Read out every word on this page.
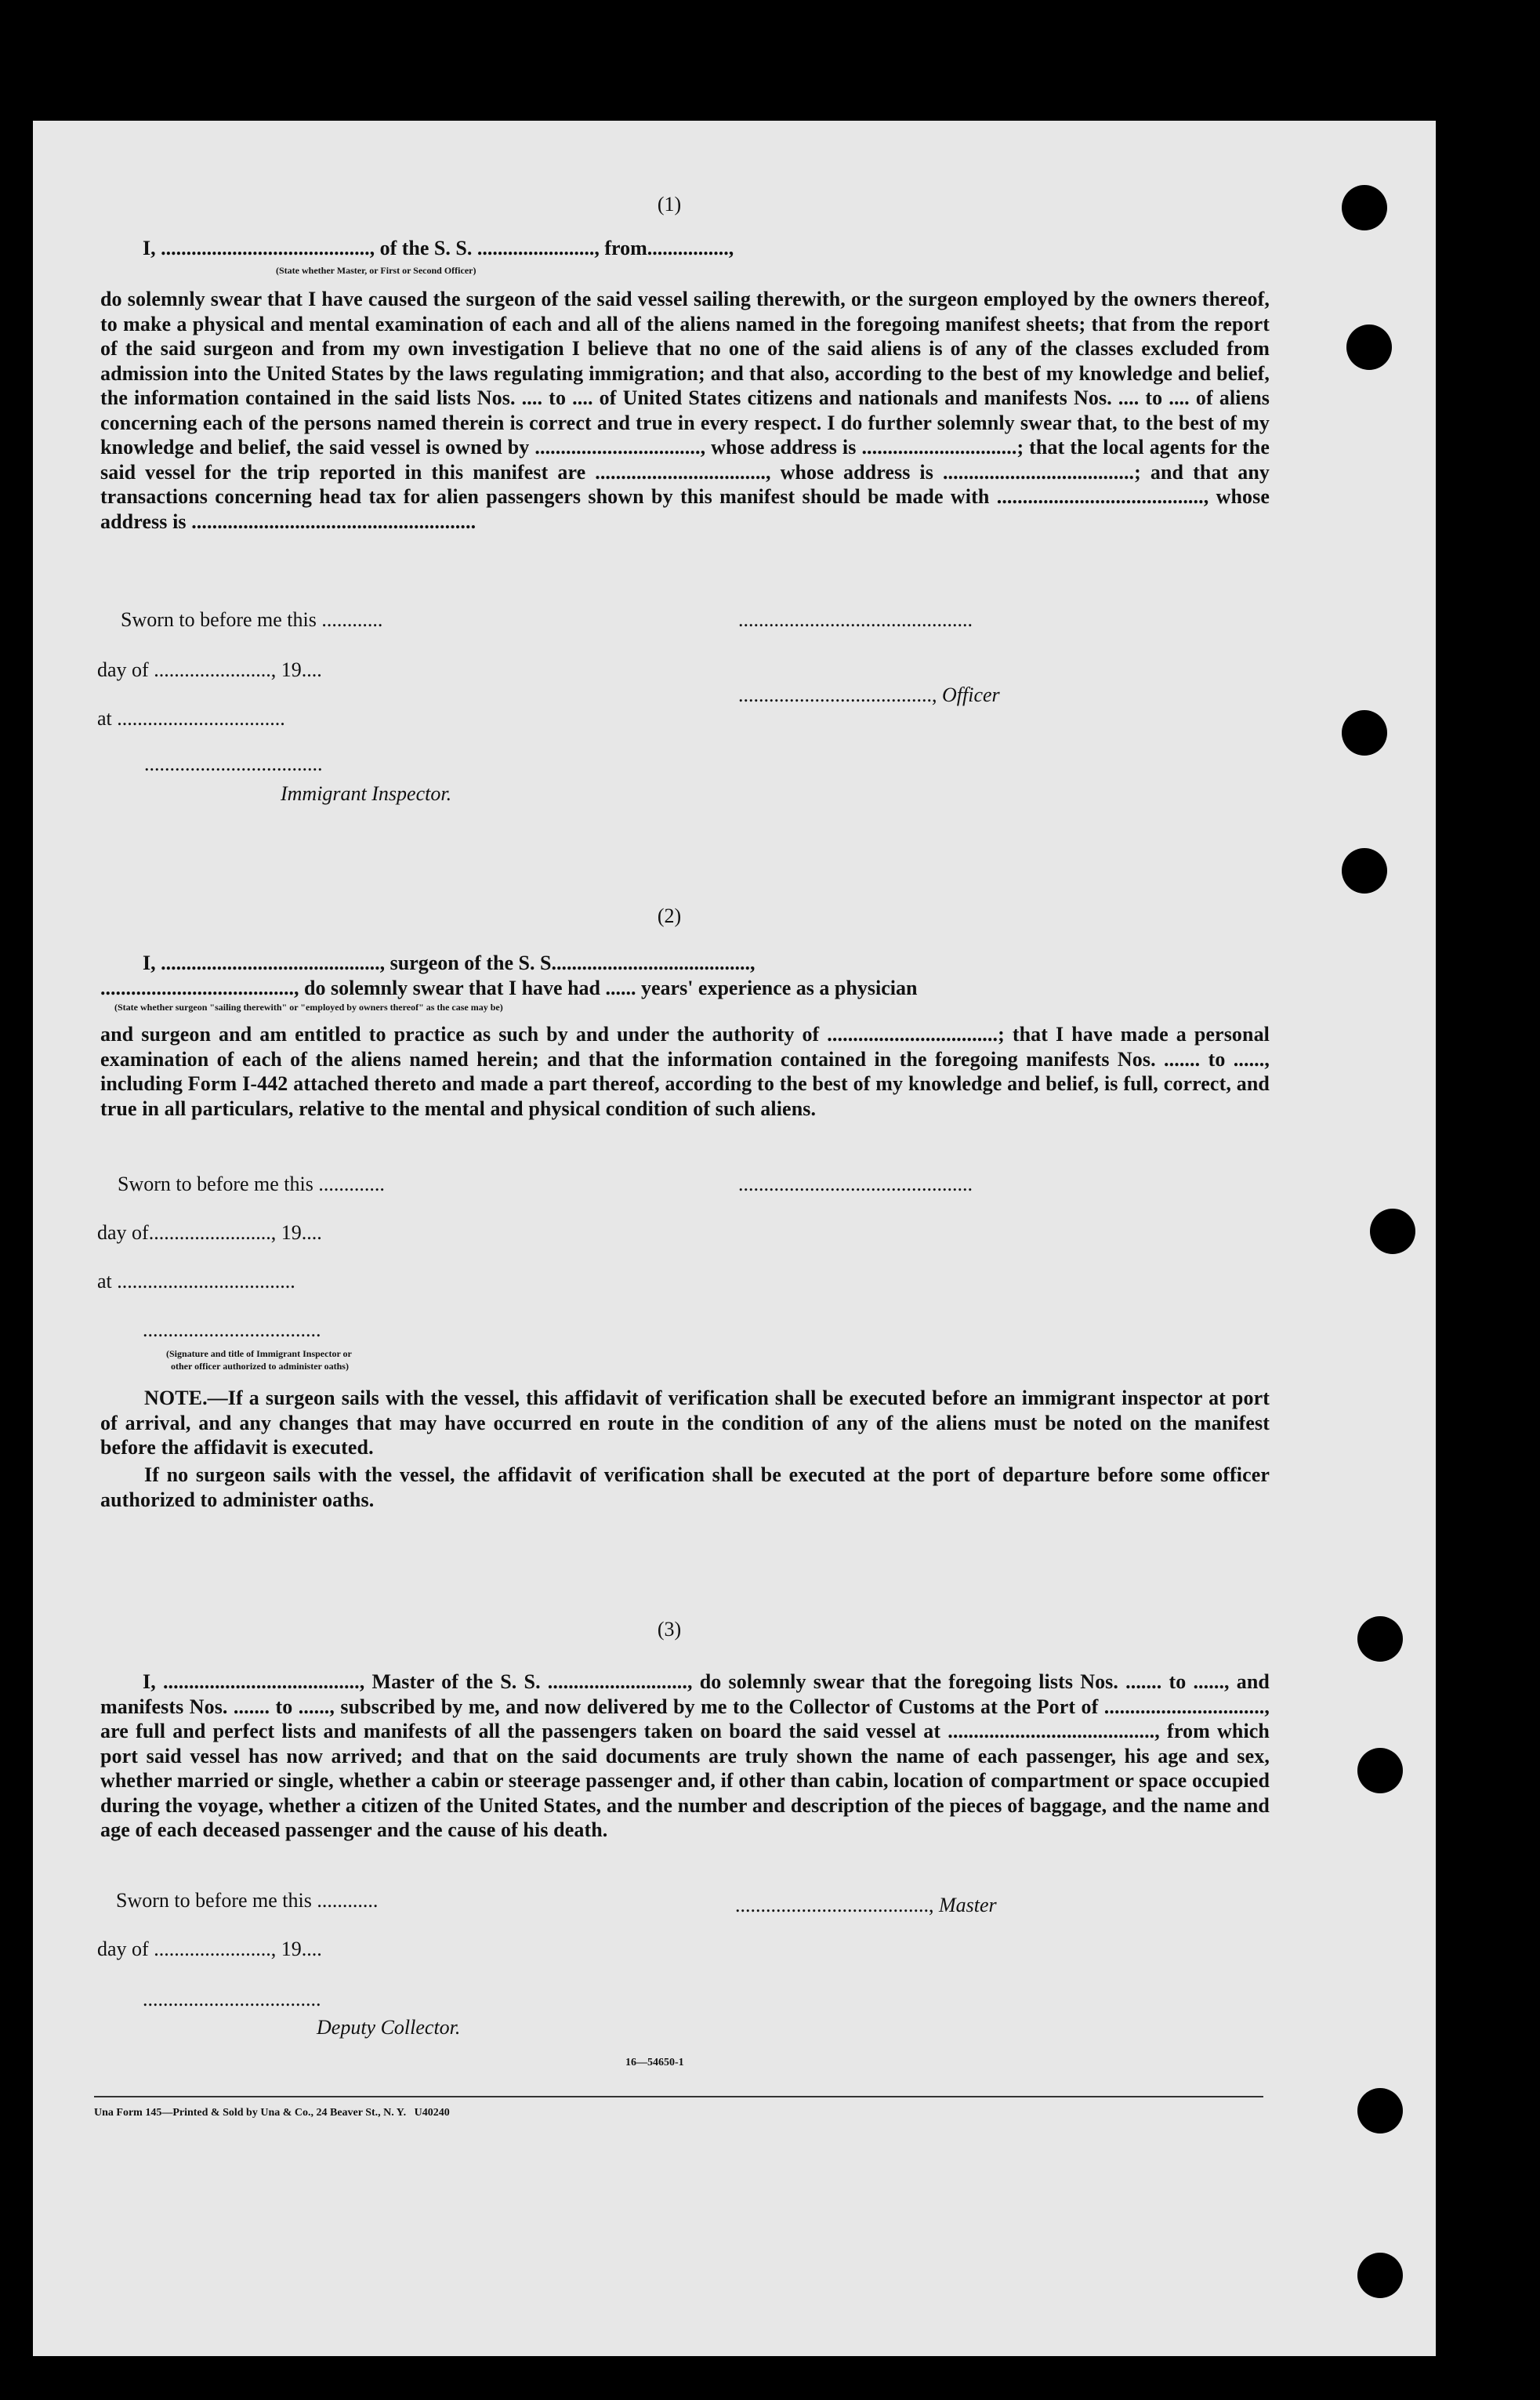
(1)
I, ........................................., of the S. S. ......................., from................,
(State whether Master, or First or Second Officer)
do solemnly swear that I have caused the surgeon of the said vessel sailing therewith, or the surgeon employed by the owners thereof, to make a physical and mental examination of each and all of the aliens named in the foregoing manifest sheets; that from the report of the said surgeon and from my own investigation I believe that no one of the said aliens is of any of the classes excluded from admission into the United States by the laws regulating immigration; and that also, according to the best of my knowledge and belief, the information contained in the said lists Nos. .... to .... of United States citizens and nationals and manifests Nos. .... to .... of aliens concerning each of the persons named therein is correct and true in every respect. I do further solemnly swear that, to the best of my knowledge and belief, the said vessel is owned by ................................, whose address is ..............................; that the local agents for the said vessel for the trip reported in this manifest are ................................., whose address is .....................................; and that any transactions concerning head tax for alien passengers shown by this manifest should be made with ........................................, whose address is .......................................................
Sworn to before me this ............
day of ......................., 19....
at .................................
...................................
Immigrant Inspector.
..............................................
......................................, Officer
(2)
I, ..........................................., surgeon of the S. S.......................................,
......................................, do solemnly swear that I have had ...... years' experience as a physician
(State whether surgeon "sailing therewith" or "employed by owners thereof" as the case may be)
and surgeon and am entitled to practice as such by and under the authority of .................................; that I have made a personal examination of each of the aliens named herein; and that the information contained in the foregoing manifests Nos. ....... to ......, including Form I-442 attached thereto and made a part thereof, according to the best of my knowledge and belief, is full, correct, and true in all particulars, relative to the mental and physical condition of such aliens.
Sworn to before me this .............
day of........................, 19....
at ...................................
...................................
(Signature and title of Immigrant Inspector or
other officer authorized to administer oaths)
..............................................
NOTE.—If a surgeon sails with the vessel, this affidavit of verification shall be executed before an immigrant inspector at port of arrival, and any changes that may have occurred en route in the condition of any of the aliens must be noted on the manifest before the affidavit is executed.
If no surgeon sails with the vessel, the affidavit of verification shall be executed at the port of departure before some officer authorized to administer oaths.
(3)
I, ......................................, Master of the S. S. ..........................., do solemnly swear that the foregoing lists Nos. ....... to ......, and manifests Nos. ....... to ......, subscribed by me, and now delivered by me to the Collector of Customs at the Port of ..............................., are full and perfect lists and manifests of all the passengers taken on board the said vessel at ........................................, from which port said vessel has now arrived; and that on the said documents are truly shown the name of each passenger, his age and sex, whether married or single, whether a cabin or steerage passenger and, if other than cabin, location of compartment or space occupied during the voyage, whether a citizen of the United States, and the number and description of the pieces of baggage, and the name and age of each deceased passenger and the cause of his death.
Sworn to before me this ............
day of ......................., 19....
...................................
Deputy Collector.
......................................, Master
16—54650-1
Una Form 145—Printed & Sold by Una & Co., 24 Beaver St., N. Y.   U40240
